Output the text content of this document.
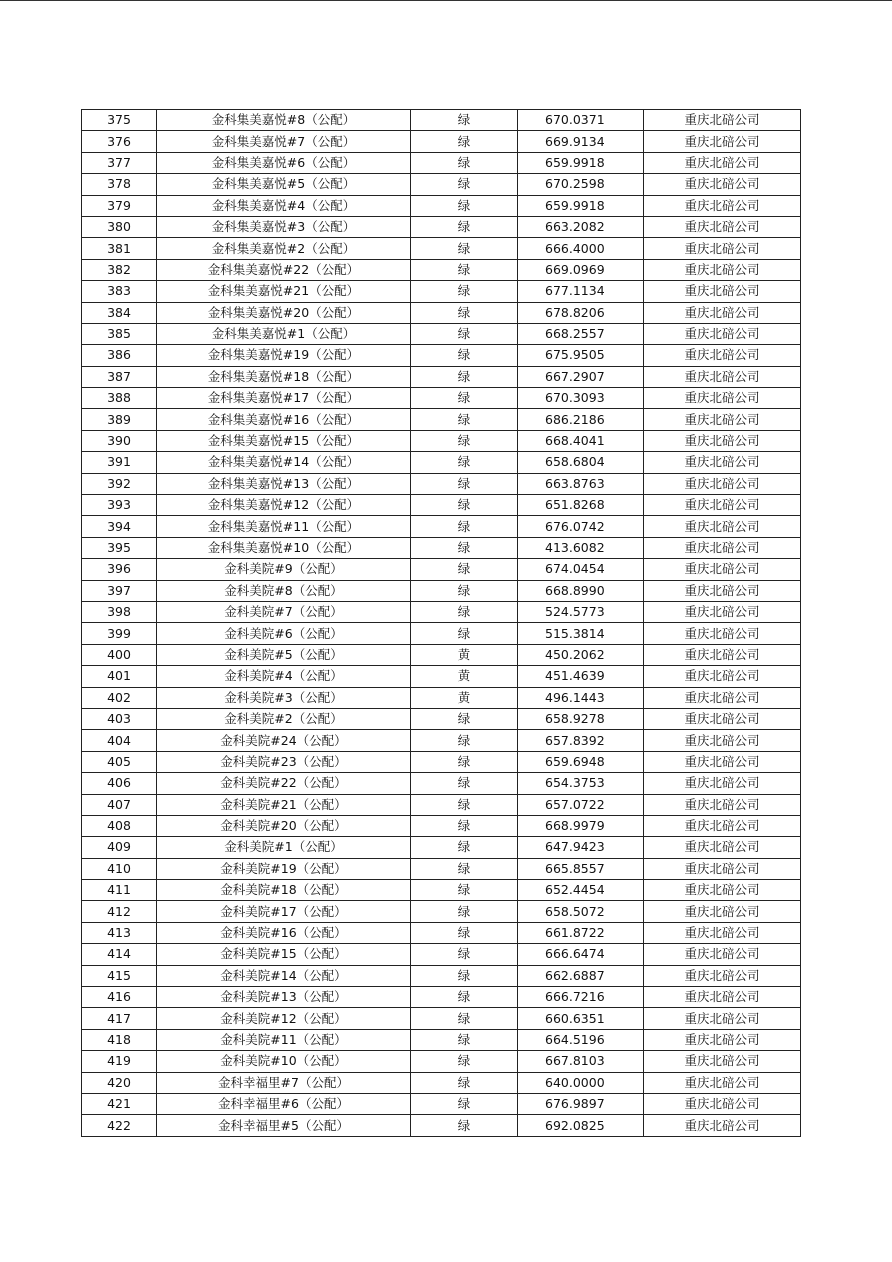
375	金科集美嘉悦#8（公配）	绿	670.0371	重庆北碚公司
376	金科集美嘉悦#7（公配）	绿	669.9134	重庆北碚公司
377	金科集美嘉悦#6（公配）	绿	659.9918	重庆北碚公司
378	金科集美嘉悦#5（公配）	绿	670.2598	重庆北碚公司
379	金科集美嘉悦#4（公配）	绿	659.9918	重庆北碚公司
380	金科集美嘉悦#3（公配）	绿	663.2082	重庆北碚公司
381	金科集美嘉悦#2（公配）	绿	666.4000	重庆北碚公司
382	金科集美嘉悦#22（公配）	绿	669.0969	重庆北碚公司
383	金科集美嘉悦#21（公配）	绿	677.1134	重庆北碚公司
384	金科集美嘉悦#20（公配）	绿	678.8206	重庆北碚公司
385	金科集美嘉悦#1（公配）	绿	668.2557	重庆北碚公司
386	金科集美嘉悦#19（公配）	绿	675.9505	重庆北碚公司
387	金科集美嘉悦#18（公配）	绿	667.2907	重庆北碚公司
388	金科集美嘉悦#17（公配）	绿	670.3093	重庆北碚公司
389	金科集美嘉悦#16（公配）	绿	686.2186	重庆北碚公司
390	金科集美嘉悦#15（公配）	绿	668.4041	重庆北碚公司
391	金科集美嘉悦#14（公配）	绿	658.6804	重庆北碚公司
392	金科集美嘉悦#13（公配）	绿	663.8763	重庆北碚公司
393	金科集美嘉悦#12（公配）	绿	651.8268	重庆北碚公司
394	金科集美嘉悦#11（公配）	绿	676.0742	重庆北碚公司
395	金科集美嘉悦#10（公配）	绿	413.6082	重庆北碚公司
396	金科美院#9（公配）	绿	674.0454	重庆北碚公司
397	金科美院#8（公配）	绿	668.8990	重庆北碚公司
398	金科美院#7（公配）	绿	524.5773	重庆北碚公司
399	金科美院#6（公配）	绿	515.3814	重庆北碚公司
400	金科美院#5（公配）	黄	450.2062	重庆北碚公司
401	金科美院#4（公配）	黄	451.4639	重庆北碚公司
402	金科美院#3（公配）	黄	496.1443	重庆北碚公司
403	金科美院#2（公配）	绿	658.9278	重庆北碚公司
404	金科美院#24（公配）	绿	657.8392	重庆北碚公司
405	金科美院#23（公配）	绿	659.6948	重庆北碚公司
406	金科美院#22（公配）	绿	654.3753	重庆北碚公司
407	金科美院#21（公配）	绿	657.0722	重庆北碚公司
408	金科美院#20（公配）	绿	668.9979	重庆北碚公司
409	金科美院#1（公配）	绿	647.9423	重庆北碚公司
410	金科美院#19（公配）	绿	665.8557	重庆北碚公司
411	金科美院#18（公配）	绿	652.4454	重庆北碚公司
412	金科美院#17（公配）	绿	658.5072	重庆北碚公司
413	金科美院#16（公配）	绿	661.8722	重庆北碚公司
414	金科美院#15（公配）	绿	666.6474	重庆北碚公司
415	金科美院#14（公配）	绿	662.6887	重庆北碚公司
416	金科美院#13（公配）	绿	666.7216	重庆北碚公司
417	金科美院#12（公配）	绿	660.6351	重庆北碚公司
418	金科美院#11（公配）	绿	664.5196	重庆北碚公司
419	金科美院#10（公配）	绿	667.8103	重庆北碚公司
420	金科幸福里#7（公配）	绿	640.0000	重庆北碚公司
421	金科幸福里#6（公配）	绿	676.9897	重庆北碚公司
422	金科幸福里#5（公配）	绿	692.0825	重庆北碚公司
